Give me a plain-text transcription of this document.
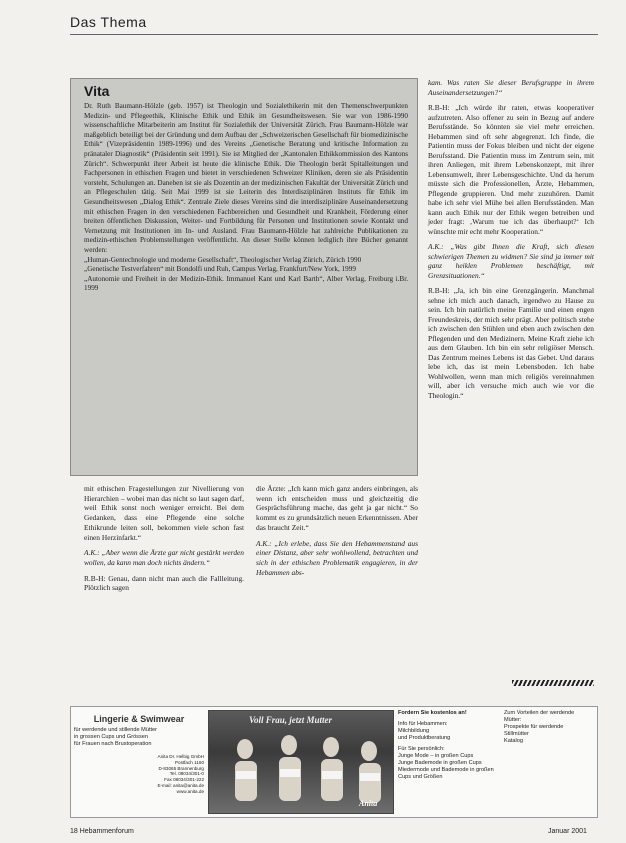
Das Thema
Vita

Dr. Ruth Baumann-Hölzle (geb. 1957) ist Theologin und Sozialethikerin mit den Themenschwerpunkten Medizin- und Pflegeethik, Klinische Ethik und Ethik im Gesundheitswesen. Sie war von 1986-1990 wissenschaftliche Mitarbeiterin am Institut für Sozialethik der Universität Zürich. Frau Baumann-Hölzle war maßgeblich beteiligt bei der Gründung und dem Aufbau der „Schweizerischen Gesellschaft für biomedizinische Ethik“ (Vizepräsidentin 1989-1996) und des Vereins „Genetische Beratung und kritische Information zu pränataler Diagnostik“ (Präsidentin seit 1991). Sie ist Mitglied der „Kantonalen Ethikkommission des Kantons Zürich“. Schwerpunkt ihrer Arbeit ist heute die klinische Ethik. Die Theologin berät Spitalleitungen und Fachpersonen in ethischen Fragen und bietet in verschiedenen Schweizer Kliniken, deren sie als Präsidentin vorsteht, Schulungen an. Daneben ist sie als Dozentin an der medizinischen Fakultät der Universität Zürich und an Pflegeschulen tätig. Seit Mai 1999 ist sie Leiterin des Interdisziplinären Instituts für Ethik im Gesundheitswesen „Dialog Ethik“. Zentrale Ziele dieses Vereins sind die interdisziplinäre Auseinandersetzung mit ethischen Fragen in den verschiedenen Fachbereichen und Gesundheit und Krankheit, Förderung einer breiten öffentlichen Diskussion, Weiter- und Fortbildung für Personen und Institutionen sowie Kontakt und Vernetzung mit Institutionen im In- und Ausland. Frau Baumann-Hölzle hat zahlreiche Publikationen zu medizin-ethischen Problemstellungen veröffentlicht. An dieser Stelle können lediglich ihre Bücher genannt werden:

„Human-Gentechnologie und moderne Gesellschaft“, Theologischer Verlag Zürich, Zürich 1990

„Genetische Testverfahren“ mit Bondolfi und Ruh, Campus Verlag, Frankfurt/New York, 1999

„Autonomie und Freiheit in der Medizin-Ethik. Immanuel Kant und Karl Barth“, Alber Verlag, Freiburg i.Br. 1999

mit ethischen Fragestellungen zur Nivellierung von Hierarchien – wobei man das nicht so laut sagen darf, weil Ethik sonst noch weniger erreicht. Bei dem Gedanken, dass eine Pflegende eine solche Ethikrunde leiten soll, bekommen viele schon fast einen Herzinfarkt.“

A.K.: „Aber wenn die Ärzte gar nicht gestärkt werden wollen, da kann man doch nichts ändern.“

R.B-H: Genau, dann nicht man auch die Fallleitung. Plötzlich sagen

die Ärzte: „Ich kann mich ganz anders einbringen, als wenn ich entscheiden muss und gleichzeitig die Gesprächsführung mache, das geht ja gar nicht.“ So kommt es zu grundsätzlich neuen Erkenntnissen. Aber das braucht Zeit.“

A.K.: „Ich erlebe, dass Sie den Hebammenstand aus einer Distanz, aber sehr wohlwollend, betrachten und sich in der ethischen Problematik engagieren, in der Hebammen abs-

kam. Was raten Sie dieser Berufsgruppe in ihrem Auseinandersetzungen?“

R.B-H: „Ich würde ihr raten, etwas kooperativer aufzutreten. Also offener zu sein in Bezug auf andere Berufsstände. So könnten sie viel mehr erreichen. Hebammen sind oft sehr abgegrenzt. Ich finde, die Patientin muss der Fokus bleiben und nicht der eigene Berufsstand. Die Patientin muss im Zentrum sein, mit ihren Anliegen, mit ihrem Lebenskonzept, mit ihrer Lebensumwelt, ihrer Lebensgeschichte. Und da herum müsste sich die Professionellen, Ärzte, Hebammen, Pflegende gruppieren. Und mehr zuzuhören. Damit habe ich sehr viel Mühe bei allen Berufsständen. Man kann auch Ethik nur der Ethik wegen betreiben und jeder fragt: ‚Warum tue ich das überhaupt?‘ Ich wünschte mir echt mehr Kooperation.“

A.K.: „Was gibt Ihnen die Kraft, sich diesen schwierigen Themen zu widmen? Sie sind ja immer mit ganz heiklen Problemen beschäftigt, mit Grenzsituationen.“

R.B-H: „Ja, ich bin eine Grenzgängerin. Manchmal sehne ich mich auch danach, irgendwo zu Hause zu sein. Ich bin natürlich meine Familie und einen engen Freundeskreis, der mich sehr prägt. Aber politisch stehe ich zwischen den Stühlen und eben auch zwischen den Pflegenden und den Medizinern. Meine Kraft ziehe ich aus dem Glauben. Ich bin ein sehr religiöser Mensch. Das Zentrum meines Lebens ist das Gebet. Und daraus lebe ich, das ist mein Lebensboden. Ich habe Wohlwollen, wenn man mich religiös vereinnahmen will, aber ich versuche mich auch wie vor die Theologin.“

Lingerie & Swimwear

für werdende und stillende Mütter

in grossen Cups und Grössen

für Frauen nach Brustoperation

Anita Dr. Helbig GmbH

Postfach 1160

D-83065 Brannenburg

Tel. 08034/301-0

Fax 08034/301-222

E-mail: anita@anita.de

www.anita.de

Voll Frau, jetzt Mutter
Anita

Fordern Sie kostenlos an!

Info für Hebammen:

Milchbildung

und Produktberatung

Für Sie persönlich:

Junge Mode – in großen Cups

Junge Bademode in großen Cups

Miedermode und Bademode in großen Cups und Größen

Zum Vorteilen der werdende Mütter:

Prospekte für werdende

Stillmütter

Katalog

18 Hebammenforum	Januar 2001
